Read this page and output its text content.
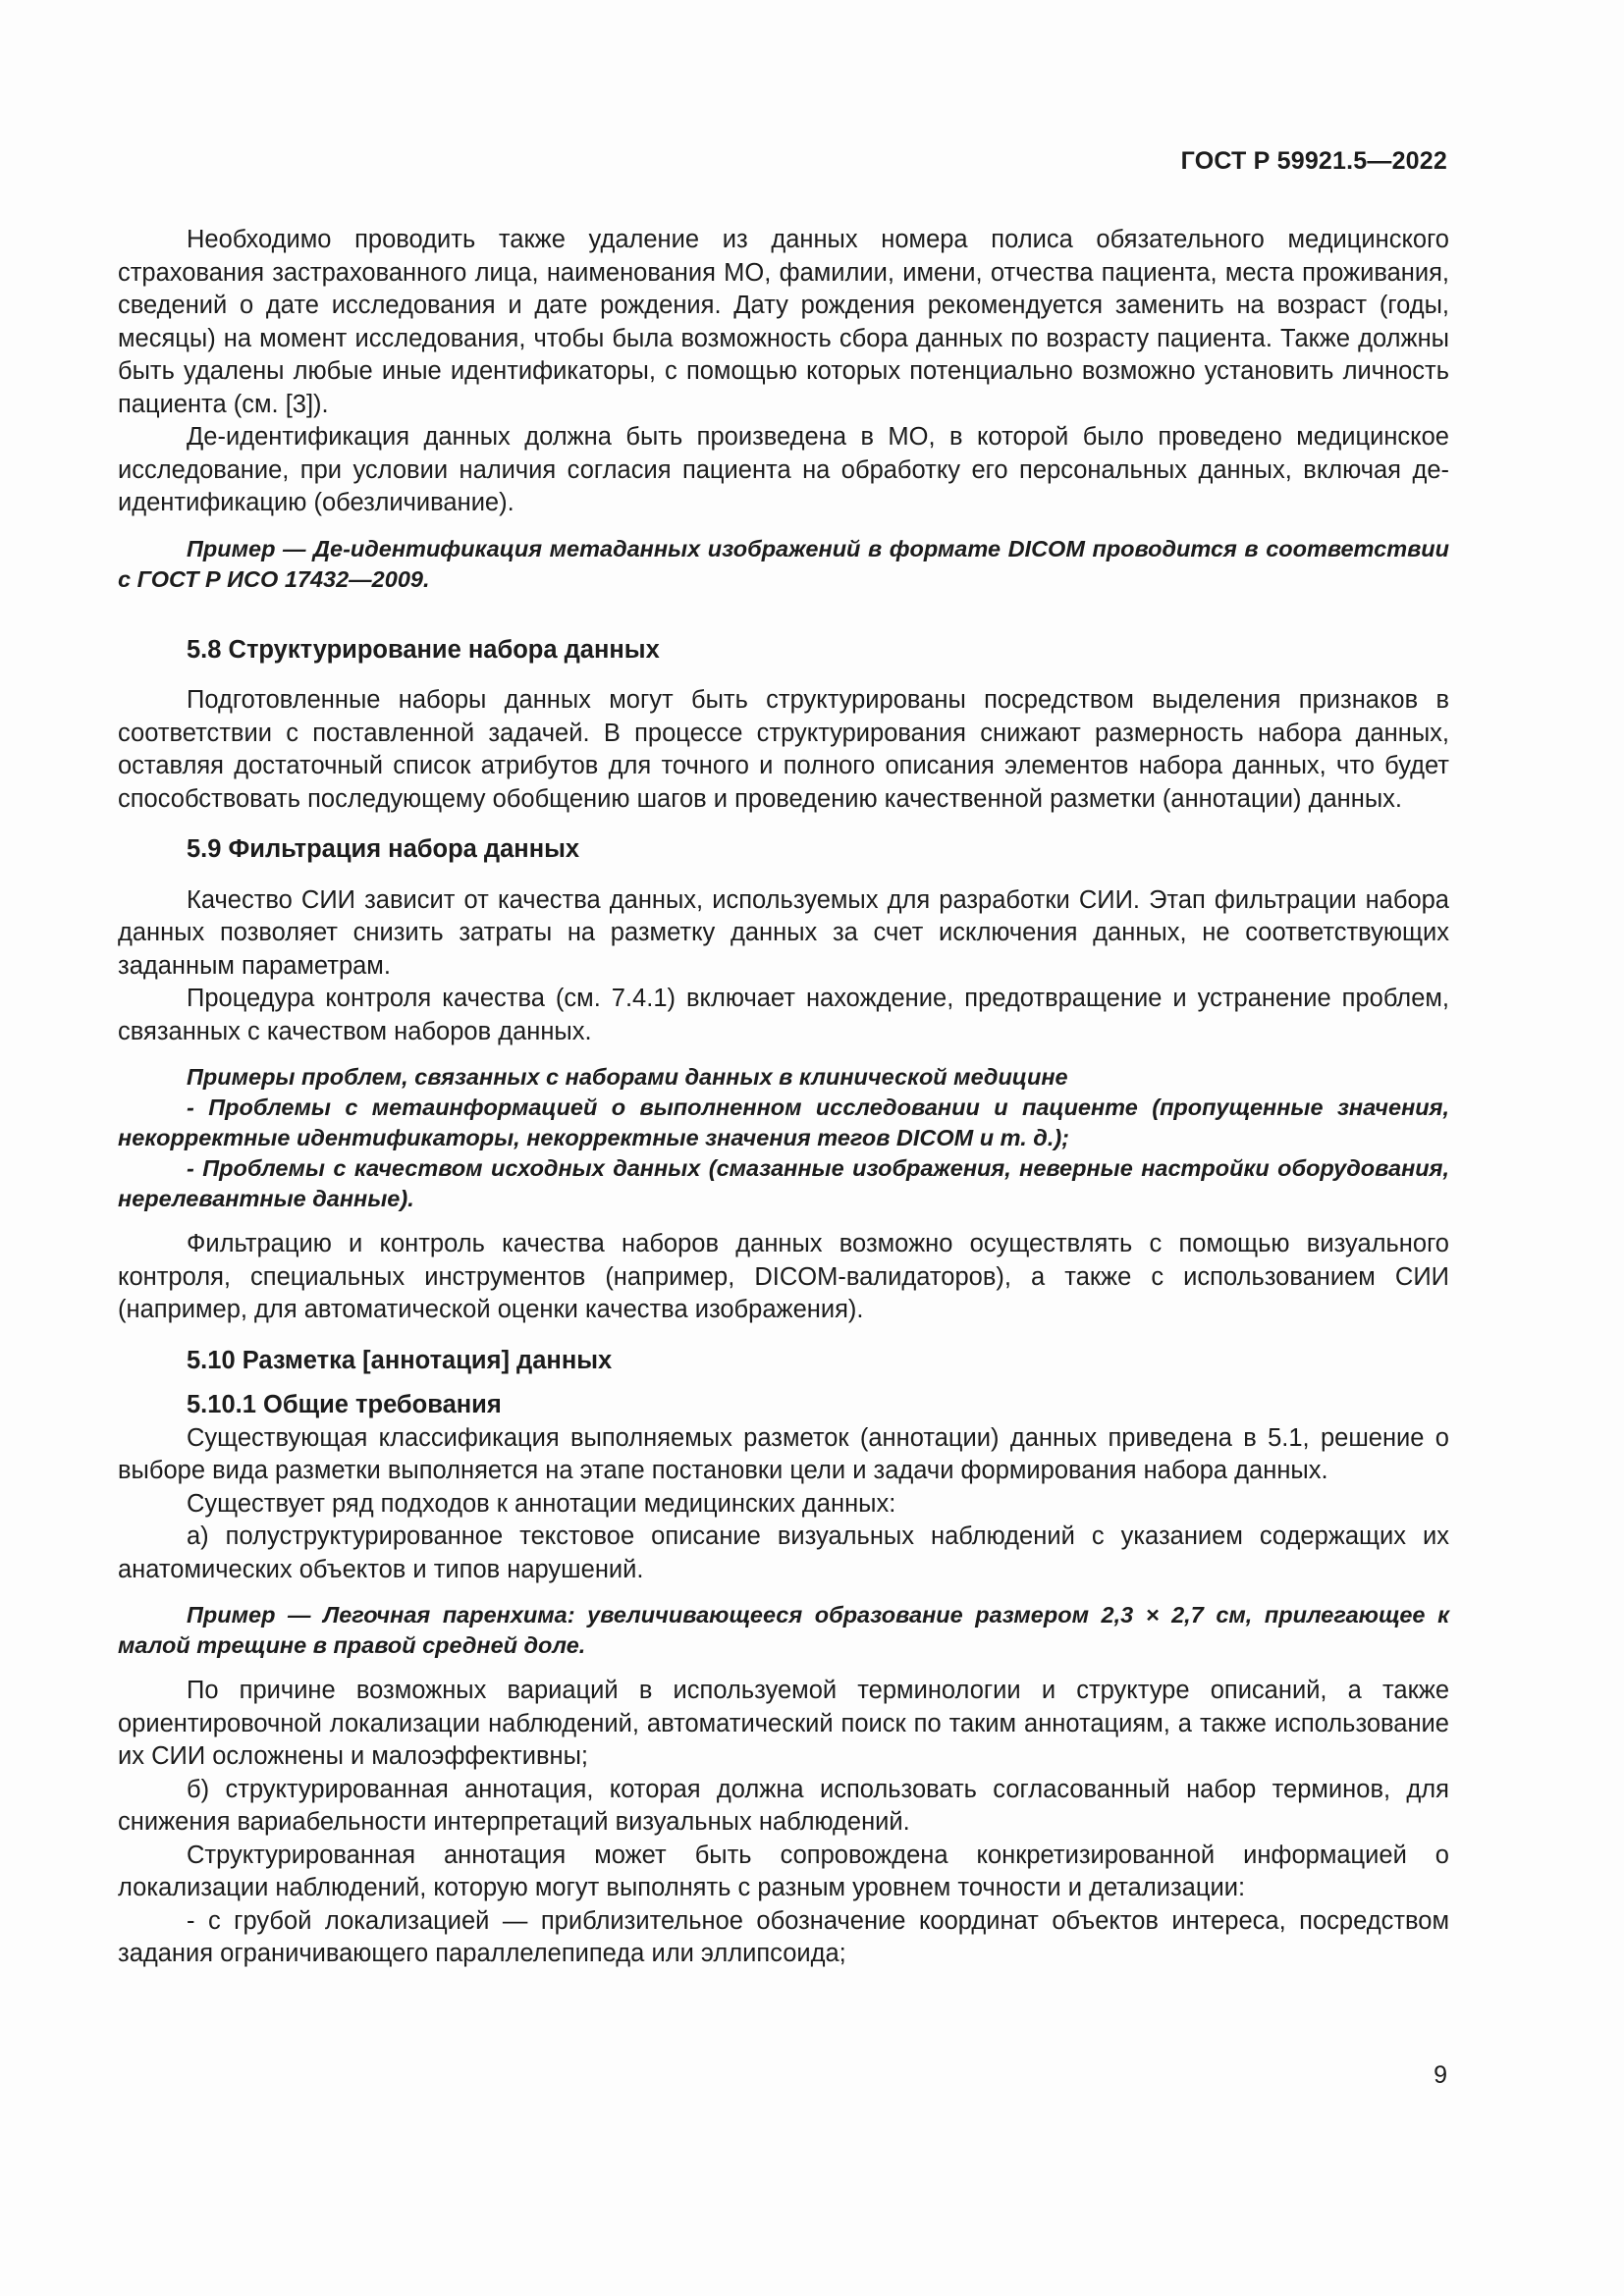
ГОСТ Р 59921.5—2022

Необходимо проводить также удаление из данных номера полиса обязательного медицинского страхования застрахованного лица, наименования МО, фамилии, имени, отчества пациента, места проживания, сведений о дате исследования и дате рождения. Дату рождения рекомендуется заменить на возраст (годы, месяцы) на момент исследования, чтобы была возможность сбора данных по возрасту пациента. Также должны быть удалены любые иные идентификаторы, с помощью которых потенциально возможно установить личность пациента (см. [3]).

Де-идентификация данных должна быть произведена в МО, в которой было проведено медицинское исследование, при условии наличия согласия пациента на обработку его персональных данных, включая де-идентификацию (обезличивание).

Пример — Де-идентификация метаданных изображений в формате DICOM проводится в соответствии с ГОСТ Р ИСО 17432—2009.

5.8 Структурирование набора данных

Подготовленные наборы данных могут быть структурированы посредством выделения признаков в соответствии с поставленной задачей. В процессе структурирования снижают размерность набора данных, оставляя достаточный список атрибутов для точного и полного описания элементов набора данных, что будет способствовать последующему обобщению шагов и проведению качественной разметки (аннотации) данных.

5.9 Фильтрация набора данных

Качество СИИ зависит от качества данных, используемых для разработки СИИ. Этап фильтрации набора данных позволяет снизить затраты на разметку данных за счет исключения данных, не соответствующих заданным параметрам.

Процедура контроля качества (см. 7.4.1) включает нахождение, предотвращение и устранение проблем, связанных с качеством наборов данных.

Примеры проблем, связанных с наборами данных в клинической медицине

- Проблемы с метаинформацией о выполненном исследовании и пациенте (пропущенные значения, некорректные идентификаторы, некорректные значения тегов DICOM и т. д.);

- Проблемы с качеством исходных данных (смазанные изображения, неверные настройки оборудования, нерелевантные данные).

Фильтрацию и контроль качества наборов данных возможно осуществлять с помощью визуального контроля, специальных инструментов (например, DICOM-валидаторов), а также с использованием СИИ (например, для автоматической оценки качества изображения).

5.10 Разметка [аннотация] данных
5.10.1 Общие требования

Существующая классификация выполняемых разметок (аннотации) данных приведена в 5.1, решение о выборе вида разметки выполняется на этапе постановки цели и задачи формирования набора данных.

Существует ряд подходов к аннотации медицинских данных:

а) полуструктурированное текстовое описание визуальных наблюдений с указанием содержащих их анатомических объектов и типов нарушений.

Пример — Легочная паренхима: увеличивающееся образование размером 2,3 × 2,7 см, прилегающее к малой трещине в правой средней доле.

По причине возможных вариаций в используемой терминологии и структуре описаний, а также ориентировочной локализации наблюдений, автоматический поиск по таким аннотациям, а также использование их СИИ осложнены и малоэффективны;

б) структурированная аннотация, которая должна использовать согласованный набор терминов, для снижения вариабельности интерпретаций визуальных наблюдений.

Структурированная аннотация может быть сопровождена конкретизированной информацией о локализации наблюдений, которую могут выполнять с разным уровнем точности и детализации:

- с грубой локализацией — приблизительное обозначение координат объектов интереса, посредством задания ограничивающего параллелепипеда или эллипсоида;

9
